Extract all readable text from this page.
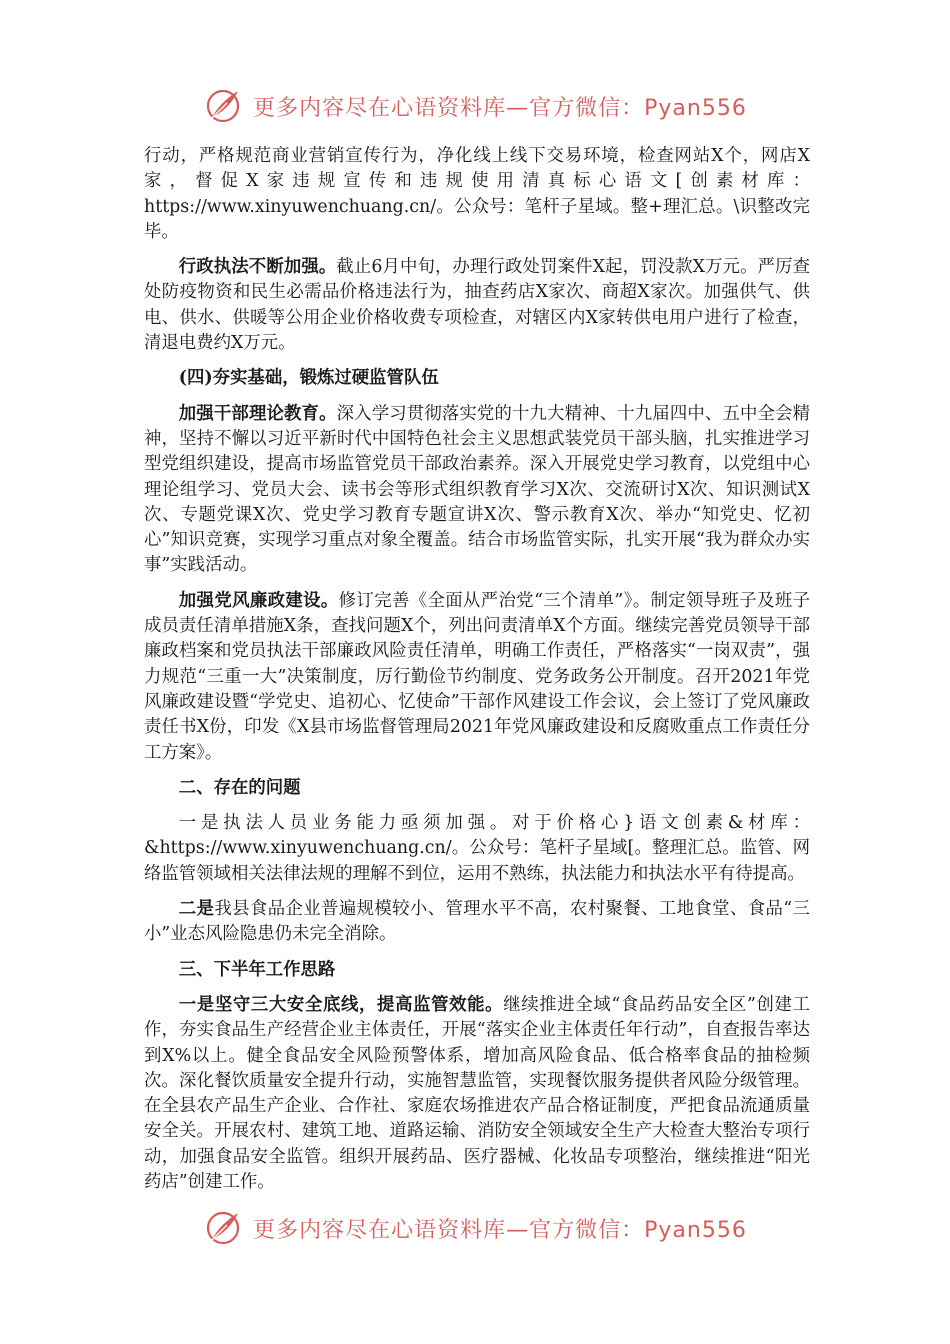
更多内容尽在心语资料库—官方微信：Pyan556

行动，严格规范商业营销宣传行为，净化线上线下交易环境，检查网站X个，网店X家，督促X家违规宣传和违规使用清真标心语文[创素材库：https://www.xinyuwenchuang.cn/。公众号：笔杆子星域。整+理汇总。\识整改完毕。

行政执法不断加强。截止6月中旬，办理行政处罚案件X起，罚没款X万元。严厉查处防疫物资和民生必需品价格违法行为，抽查药店X家次、商超X家次。加强供气、供电、供水、供暖等公用企业价格收费专项检查，对辖区内X家转供电用户进行了检查，清退电费约X万元。

(四)夯实基础，锻炼过硬监管队伍

加强干部理论教育。深入学习贯彻落实党的十九大精神、十九届四中、五中全会精神，坚持不懈以习近平新时代中国特色社会主义思想武装党员干部头脑，扎实推进学习型党组织建设，提高市场监管党员干部政治素养。深入开展党史学习教育，以党组中心理论组学习、党员大会、读书会等形式组织教育学习X次、交流研讨X次、知识测试X次、专题党课X次、党史学习教育专题宣讲X次、警示教育X次、举办“知党史、忆初心”知识竞赛，实现学习重点对象全覆盖。结合市场监管实际，扎实开展“我为群众办实事”实践活动。

加强党风廉政建设。修订完善《全面从严治党“三个清单”》。制定领导班子及班子成员责任清单措施X条，查找问题X个，列出问责清单X个方面。继续完善党员领导干部廉政档案和党员执法干部廉政风险责任清单，明确工作责任，严格落实“一岗双责”，强力规范“三重一大”决策制度，厉行勤俭节约制度、党务政务公开制度。召开2021年党风廉政建设暨“学党史、追初心、忆使命”干部作风建设工作会议，会上签订了党风廉政责任书X份，印发《X县市场监督管理局2021年党风廉政建设和反腐败重点工作责任分工方案》。

二、存在的问题

一是执法人员业务能力亟须加强。对于价格心}语文创素&材库：&https://www.xinyuwenchuang.cn/。公众号：笔杆子星域[。整理汇总。监管、网络监管领域相关法律法规的理解不到位，运用不熟练，执法能力和执法水平有待提高。

二是我县食品企业普遍规模较小、管理水平不高，农村聚餐、工地食堂、食品“三小”业态风险隐患仍未完全消除。

三、下半年工作思路

一是坚守三大安全底线，提高监管效能。继续推进全域“食品药品安全区”创建工作，夯实食品生产经营企业主体责任，开展“落实企业主体责任年行动”，自查报告率达到X%以上。健全食品安全风险预警体系，增加高风险食品、低合格率食品的抽检频次。深化餐饮质量安全提升行动，实施智慧监管，实现餐饮服务提供者风险分级管理。在全县农产品生产企业、合作社、家庭农场推进农产品合格证制度，严把食品流通质量安全关。开展农村、建筑工地、道路运输、消防安全领域安全生产大检查大整治专项行动，加强食品安全监管。组织开展药品、医疗器械、化妆品专项整治，继续推进“阳光药店”创建工作。

更多内容尽在心语资料库—官方微信：Pyan556
